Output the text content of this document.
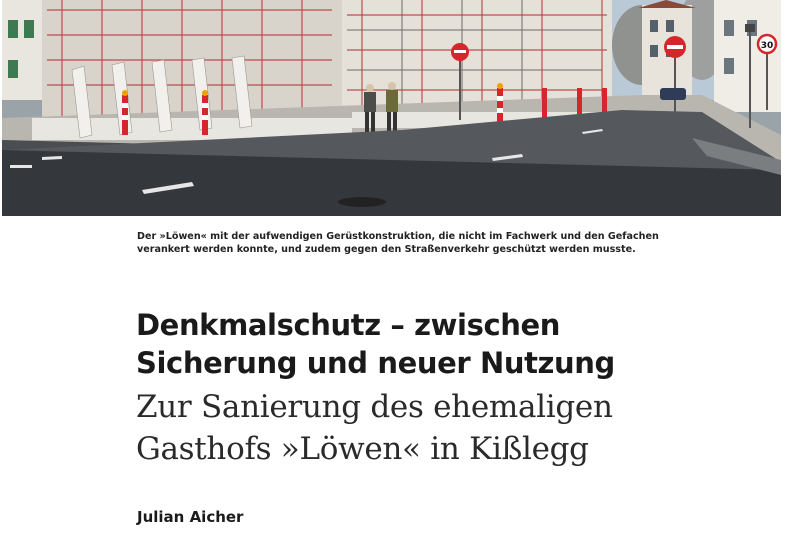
30

Der »Löwen« mit der aufwendigen Gerüstkonstruktion, die nicht im Fachwerk und den Gefachen
verankert werden konnte, und zudem gegen den Straßenverkehr geschützt werden musste.

Denkmalschutz – zwischen
Sicherung und neuer Nutzung
Zur Sanierung des ehemaligen
Gasthofs »Löwen« in Kißlegg

Julian Aicher
